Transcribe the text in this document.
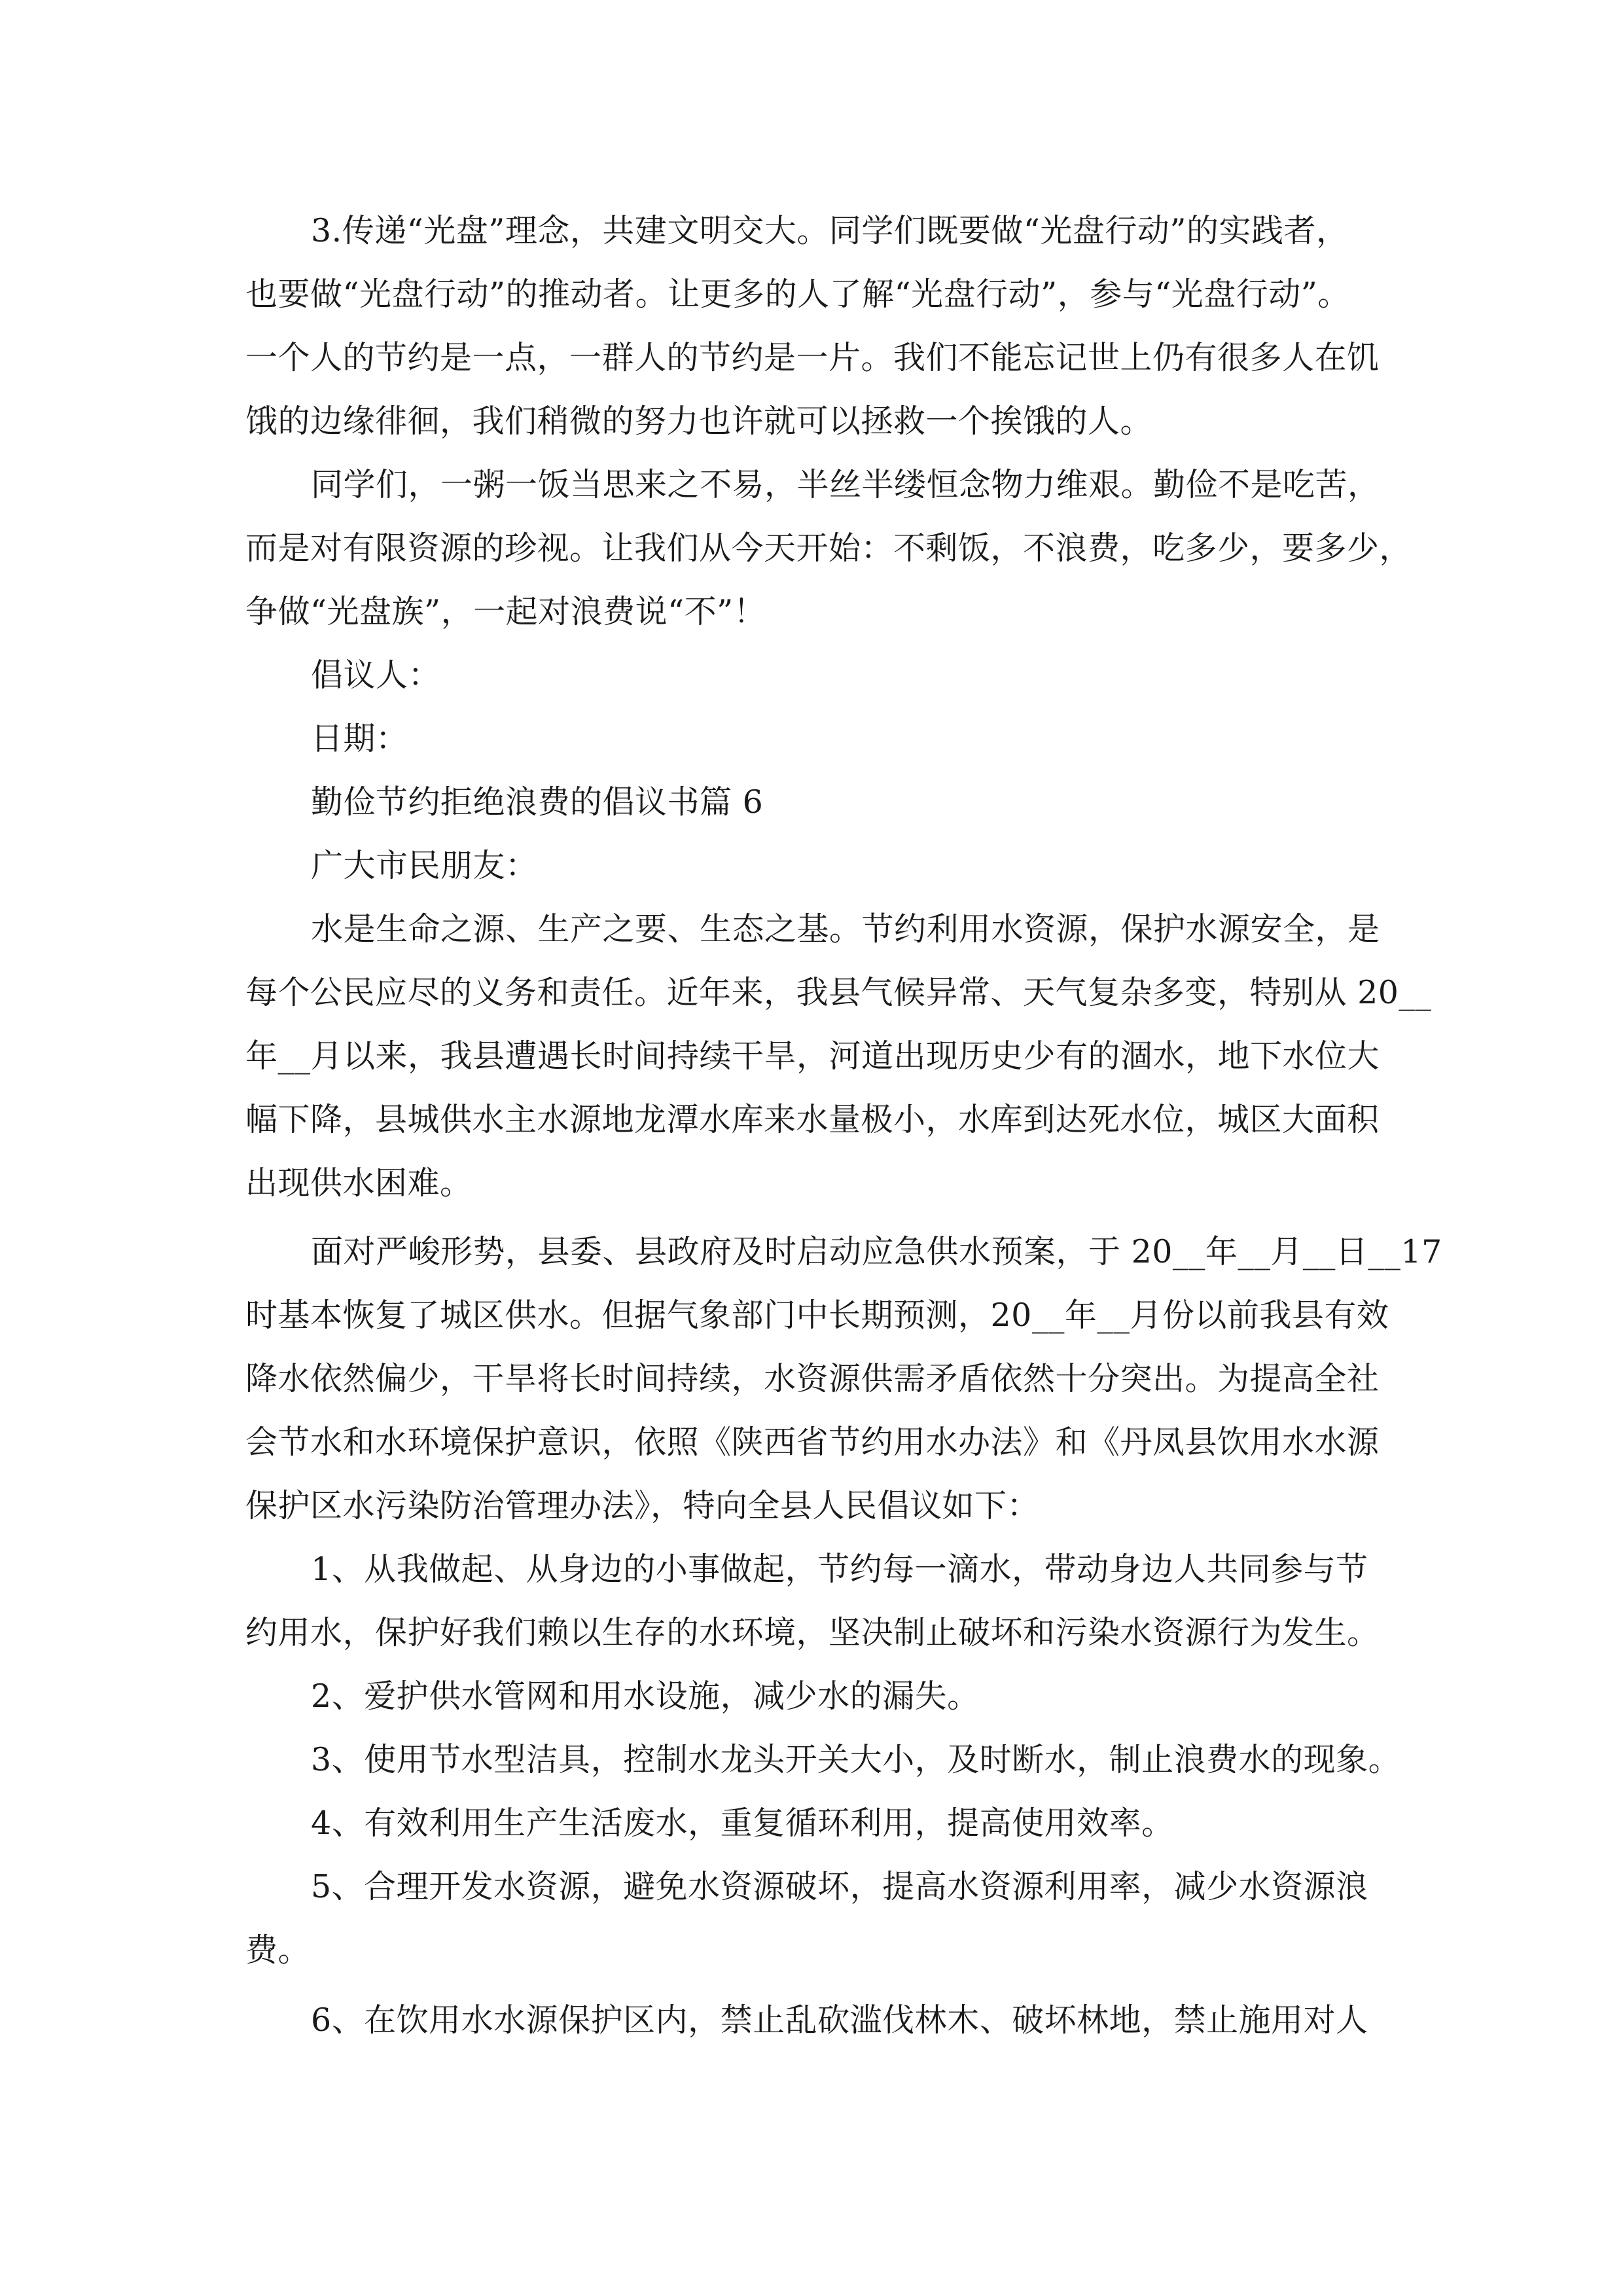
3.传递“光盘”理念，共建文明交大。同学们既要做“光盘行动”的实践者，
也要做“光盘行动”的推动者。让更多的人了解“光盘行动”，参与“光盘行动”。
一个人的节约是一点，一群人的节约是一片。我们不能忘记世上仍有很多人在饥
饿的边缘徘徊，我们稍微的努力也许就可以拯救一个挨饿的人。
同学们，一粥一饭当思来之不易，半丝半缕恒念物力维艰。勤俭不是吃苦，
而是对有限资源的珍视。让我们从今天开始：不剩饭，不浪费，吃多少，要多少，
争做“光盘族”，一起对浪费说“不”！
倡议人：
日期：
勤俭节约拒绝浪费的倡议书篇 6
广大市民朋友：
水是生命之源、生产之要、生态之基。节约利用水资源，保护水源安全，是
每个公民应尽的义务和责任。近年来，我县气候异常、天气复杂多变，特别从 20__
年__月以来，我县遭遇长时间持续干旱，河道出现历史少有的涸水，地下水位大
幅下降，县城供水主水源地龙潭水库来水量极小，水库到达死水位，城区大面积
出现供水困难。
面对严峻形势，县委、县政府及时启动应急供水预案，于 20__年__月__日__17
时基本恢复了城区供水。但据气象部门中长期预测，20__年__月份以前我县有效
降水依然偏少，干旱将长时间持续，水资源供需矛盾依然十分突出。为提高全社
会节水和水环境保护意识，依照《陕西省节约用水办法》和《丹凤县饮用水水源
保护区水污染防治管理办法》，特向全县人民倡议如下：
1、从我做起、从身边的小事做起，节约每一滴水，带动身边人共同参与节
约用水，保护好我们赖以生存的水环境，坚决制止破坏和污染水资源行为发生。
2、爱护供水管网和用水设施，减少水的漏失。
3、使用节水型洁具，控制水龙头开关大小，及时断水，制止浪费水的现象。
4、有效利用生产生活废水，重复循环利用，提高使用效率。
5、合理开发水资源，避免水资源破坏，提高水资源利用率，减少水资源浪
费。
6、在饮用水水源保护区内，禁止乱砍滥伐林木、破坏林地，禁止施用对人
